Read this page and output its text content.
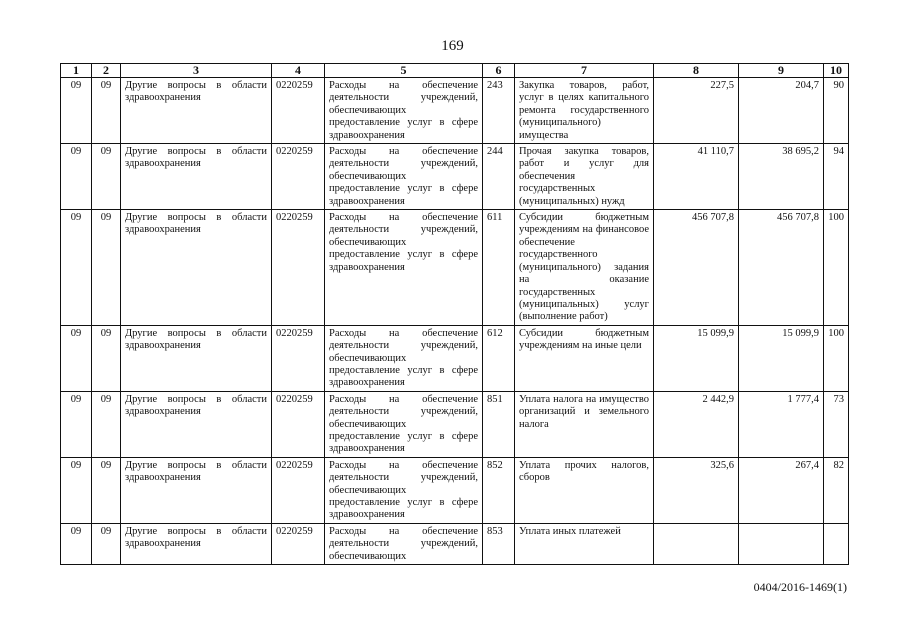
169
1	2	3	4	5	6	7	8	9	10
09	09	Другие вопросы в области здравоохранения	0220259	Расходы на обеспечение деятельности учреждений, обеспечивающих предоставление услуг в сфере здравоохранения	243	Закупка товаров, работ, услуг в целях капитального ремонта государственного (муниципального) имущества	227,5	204,7	90
09	09	Другие вопросы в области здравоохранения	0220259	Расходы на обеспечение деятельности учреждений, обеспечивающих предоставление услуг в сфере здравоохранения	244	Прочая закупка товаров, работ и услуг для обеспечения государственных (муниципальных) нужд	41 110,7	38 695,2	94
09	09	Другие вопросы в области здравоохранения	0220259	Расходы на обеспечение деятельности учреждений, обеспечивающих предоставление услуг в сфере здравоохранения	611	Субсидии бюджетным учреждениям на финансовое обеспечение государственного (муниципального) задания на оказание государственных (муниципальных) услуг (выполнение работ)	456 707,8	456 707,8	100
09	09	Другие вопросы в области здравоохранения	0220259	Расходы на обеспечение деятельности учреждений, обеспечивающих предоставление услуг в сфере здравоохранения	612	Субсидии бюджетным учреждениям на иные цели	15 099,9	15 099,9	100
09	09	Другие вопросы в области здравоохранения	0220259	Расходы на обеспечение деятельности учреждений, обеспечивающих предоставление услуг в сфере здравоохранения	851	Уплата налога на имущество организаций и земельного налога	2 442,9	1 777,4	73
09	09	Другие вопросы в области здравоохранения	0220259	Расходы на обеспечение деятельности учреждений, обеспечивающих предоставление услуг в сфере здравоохранения	852	Уплата прочих налогов, сборов	325,6	267,4	82
09	09	Другие вопросы в области здравоохранения	0220259	Расходы на обеспечение деятельности учреждений, обеспечивающих	853	Уплата иных платежей			
0404/2016-1469(1)
